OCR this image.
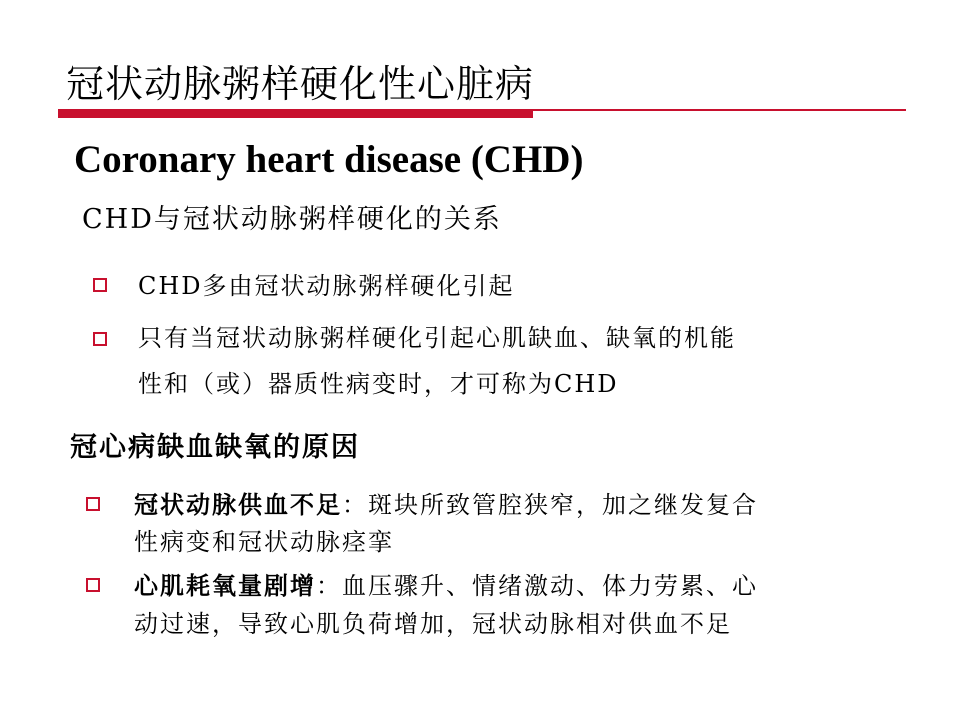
冠状动脉粥样硬化性心脏病
Coronary heart disease (CHD)
CHD与冠状动脉粥样硬化的关系
CHD多由冠状动脉粥样硬化引起
只有当冠状动脉粥样硬化引起心肌缺血、缺氧的机能
性和（或）器质性病变时，才可称为CHD
冠心病缺血缺氧的原因
冠状动脉供血不足：斑块所致管腔狭窄，加之继发复合
性病变和冠状动脉痉挛
心肌耗氧量剧增：血压骤升、情绪激动、体力劳累、心
动过速，导致心肌负荷增加，冠状动脉相对供血不足
